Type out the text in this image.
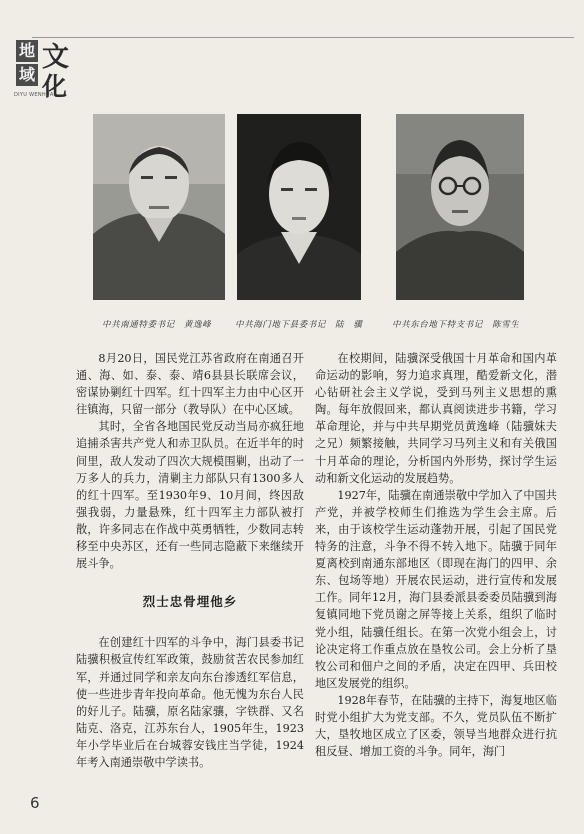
地
域
文
化
DIYU WENHUA
中共南通特委书记　黄逸峰	中共海门地下县委书记　陆　骥	中共东台地下特支书记　陈雪生

8月20日，国民党江苏省政府在南通召开通、海、如、泰、泰、靖6县县长联席会议，密谋协剿红十四军。红十四军主力由中心区开往镇海，只留一部分（教导队）在中心区域。

其时，全省各地国民党反动当局亦疯狂地追捕杀害共产党人和赤卫队员。在近半年的时间里，敌人发动了四次大规模围剿，出动了一万多人的兵力，清剿主力部队只有1300多人的红十四军。至1930年9、10月间，终因敌强我弱，力量悬殊，红十四军主力部队被打散，许多同志在作战中英勇牺牲，少数同志转移至中央苏区，还有一些同志隐蔽下来继续开展斗争。

烈士忠骨埋他乡

在创建红十四军的斗争中，海门县委书记陆骥积极宣传红军政策，鼓励贫苦农民参加红军，并通过同学和亲友向东台渗透红军信息，使一些进步青年投向革命。他无愧为东台人民的好儿子。陆骥，原名陆家骧，字铁群、又名陆克、洛克，江苏东台人，1905年生，1923年小学毕业后在台城蓉安钱庄当学徒，1924年考入南通崇敬中学读书。

在校期间，陆骥深受俄国十月革命和国内革命运动的影响，努力追求真理，酷爱新文化，潜心钻研社会主义学说，受到马列主义思想的熏陶。每年放假回来，都认真阅读进步书籍，学习革命理论，并与中共早期党员黄逸峰（陆骥妹夫之兄）频繁接触，共同学习马列主义和有关俄国十月革命的理论，分析国内外形势，探讨学生运动和新文化运动的发展趋势。

1927年，陆骥在南通崇敬中学加入了中国共产党，并被学校师生们推选为学生会主席。后来，由于该校学生运动蓬勃开展，引起了国民党特务的注意，斗争不得不转入地下。陆骥于同年夏离校到南通东部地区（即现在海门的四甲、余东、包场等地）开展农民运动，进行宣传和发展工作。同年12月，海门县委派县委委员陆骥到海复镇同地下党员谢之屏等接上关系，组织了临时党小组，陆骥任组长。在第一次党小组会上，讨论决定将工作重点放在垦牧公司。会上分析了垦牧公司和佃户之间的矛盾，决定在四甲、兵田校地区发展党的组织。

1928年春节，在陆骥的主持下，海复地区临时党小组扩大为党支部。不久，党员队伍不断扩大，垦牧地区成立了区委，领导当地群众进行抗租反昼、增加工资的斗争。同年，海门

6
